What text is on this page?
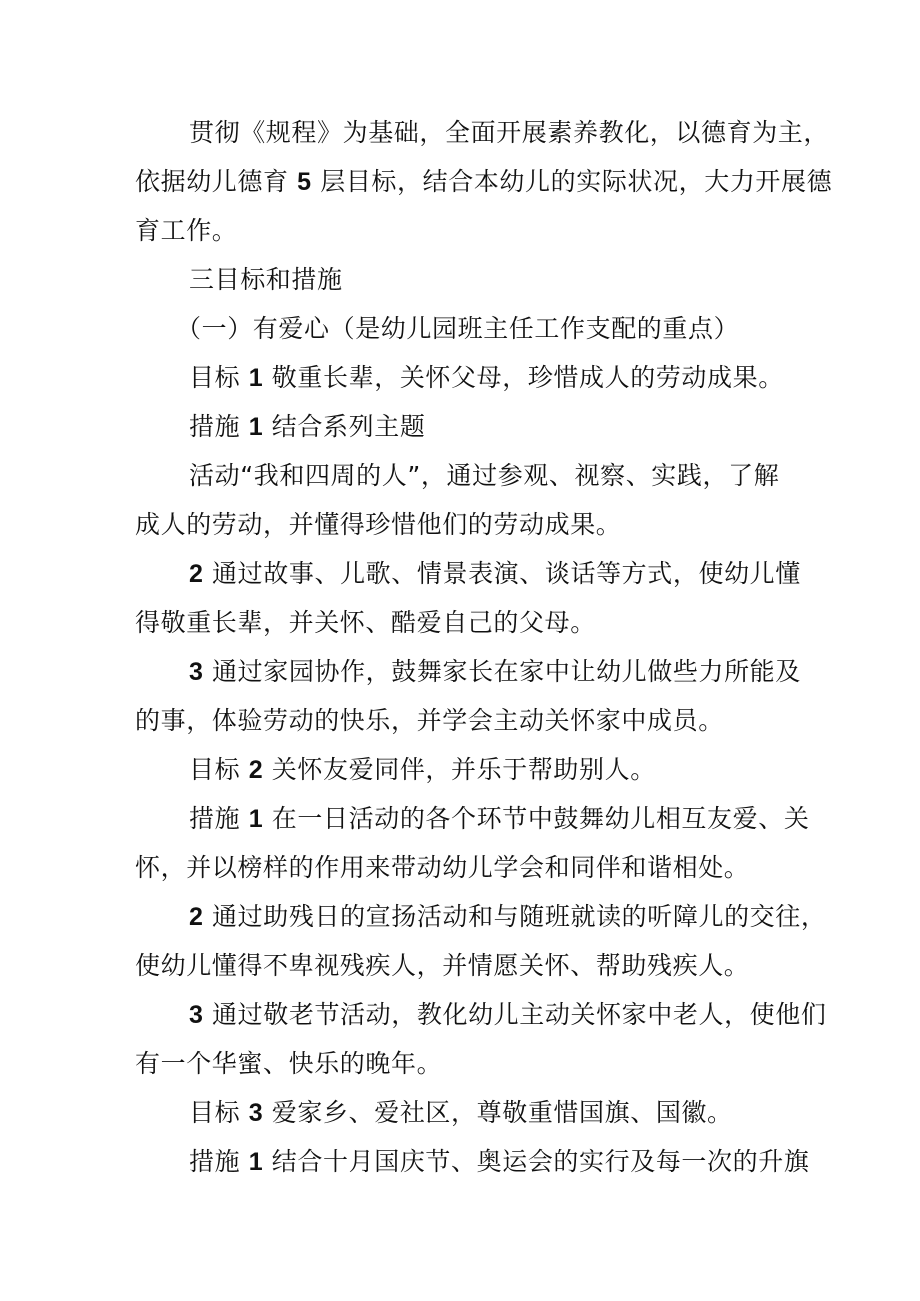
贯彻《规程》为基础，全面开展素养教化，以德育为主，
依据幼儿德育 5 层目标，结合本幼儿的实际状况，大力开展德
育工作。
三目标和措施
（一）有爱心（是幼儿园班主任工作支配的重点）
目标 1 敬重长辈，关怀父母，珍惜成人的劳动成果。
措施 1 结合系列主题
活动“我和四周的人”，通过参观、视察、实践，了解
成人的劳动，并懂得珍惜他们的劳动成果。
2 通过故事、儿歌、情景表演、谈话等方式，使幼儿懂
得敬重长辈，并关怀、酷爱自己的父母。
3 通过家园协作，鼓舞家长在家中让幼儿做些力所能及
的事，体验劳动的快乐，并学会主动关怀家中成员。
目标 2 关怀友爱同伴，并乐于帮助别人。
措施 1 在一日活动的各个环节中鼓舞幼儿相互友爱、关
怀，并以榜样的作用来带动幼儿学会和同伴和谐相处。
2 通过助残日的宣扬活动和与随班就读的听障儿的交往，
使幼儿懂得不卑视残疾人，并情愿关怀、帮助残疾人。
3 通过敬老节活动，教化幼儿主动关怀家中老人，使他们
有一个华蜜、快乐的晚年。
目标 3 爱家乡、爱社区，尊敬重惜国旗、国徽。
措施 1 结合十月国庆节、奥运会的实行及每一次的升旗
